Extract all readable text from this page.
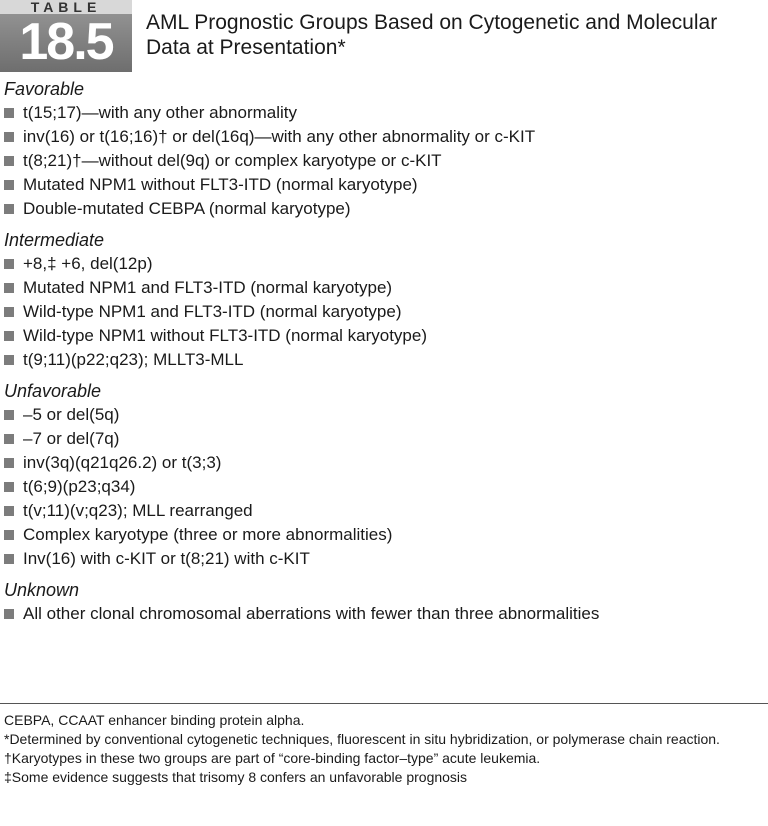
TABLE
18.5	AML Prognostic Groups Based on Cytogenetic and Molecular Data at Presentation*
Favorable
t(15;17)—with any other abnormality
inv(16) or t(16;16)† or del(16q)—with any other abnormality or c-KIT
t(8;21)†—without del(9q) or complex karyotype or c-KIT
Mutated NPM1 without FLT3-ITD (normal karyotype)
Double-mutated CEBPA (normal karyotype)
Intermediate
+8,‡ +6, del(12p)
Mutated NPM1 and FLT3-ITD (normal karyotype)
Wild-type NPM1 and FLT3-ITD (normal karyotype)
Wild-type NPM1 without FLT3-ITD (normal karyotype)
t(9;11)(p22;q23); MLLT3-MLL
Unfavorable
–5 or del(5q)
–7 or del(7q)
inv(3q)(q21q26.2) or t(3;3)
t(6;9)(p23;q34)
t(v;11)(v;q23); MLL rearranged
Complex karyotype (three or more abnormalities)
Inv(16) with c-KIT or t(8;21) with c-KIT
Unknown
All other clonal chromosomal aberrations with fewer than three abnormalities
CEBPA, CCAAT enhancer binding protein alpha.
*Determined by conventional cytogenetic techniques, fluorescent in situ hybridization, or polymerase chain reaction.
†Karyotypes in these two groups are part of “core-binding factor–type” acute leukemia.
‡Some evidence suggests that trisomy 8 confers an unfavorable prognosis
